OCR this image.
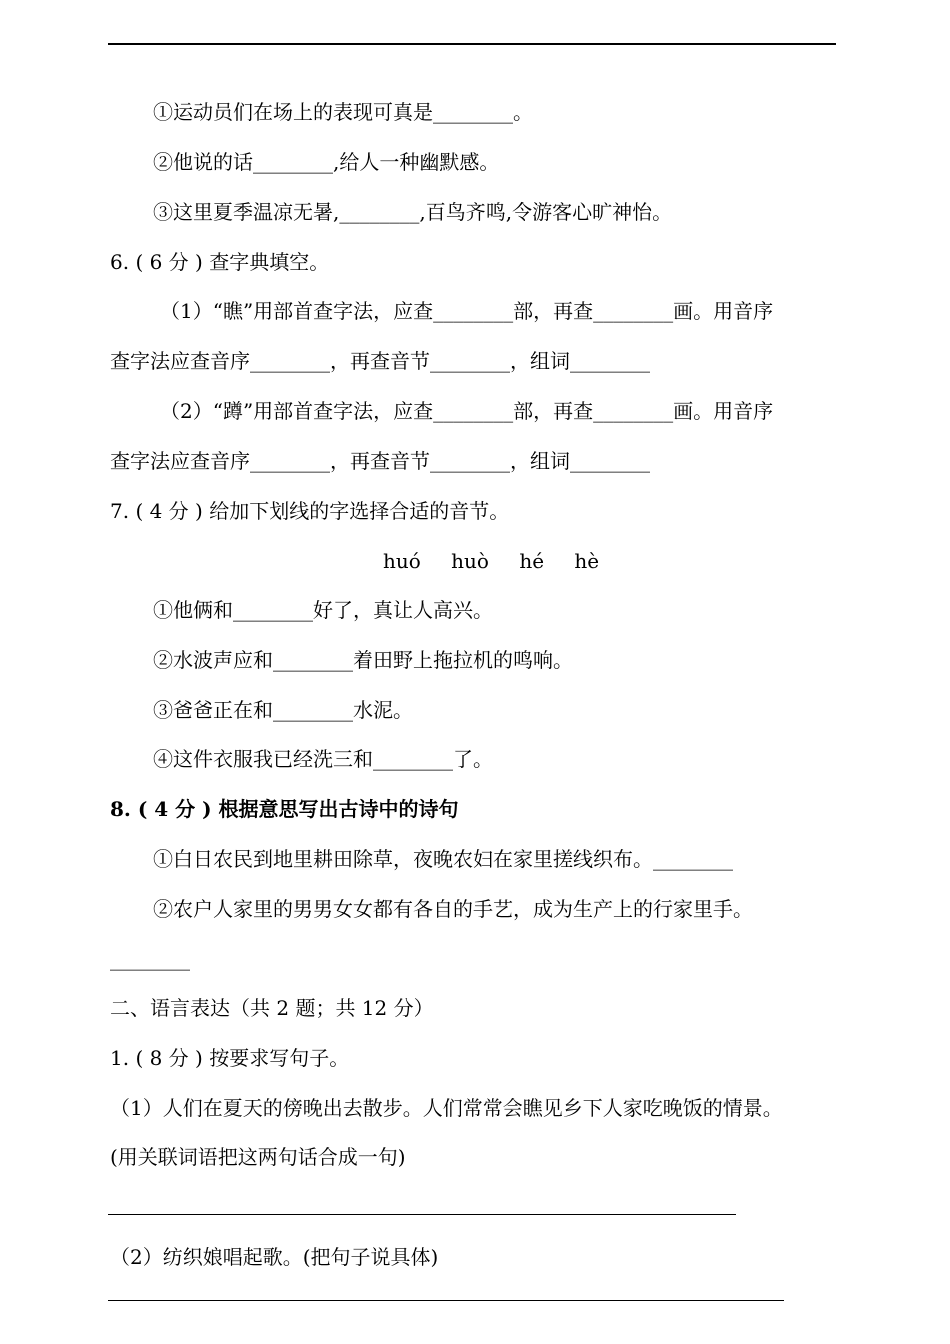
①运动员们在场上的表现可真是________。
②他说的话________,给人一种幽默感。
③这里夏季温凉无暑,________,百鸟齐鸣,令游客心旷神怡。
6. ( 6 分 ) 查字典填空。
（1）“瞧”用部首查字法，应查________部，再查________画。用音序
查字法应查音序________，再查音节________，组词________
（2）“蹲”用部首查字法，应查________部，再查________画。用音序
查字法应查音序________，再查音节________，组词________
7. ( 4 分 ) 给加下划线的字选择合适的音节。
huó huò hé hè
①他俩和________好了，真让人高兴。
②水波声应和________着田野上拖拉机的鸣响。
③爸爸正在和________水泥。
④这件衣服我已经洗三和________了。
8. ( 4 分 ) 根据意思写出古诗中的诗句
①白日农民到地里耕田除草，夜晚农妇在家里搓线织布。________
②农户人家里的男男女女都有各自的手艺，成为生产上的行家里手。
________
二、语言表达（共 2 题；共 12 分）
1. ( 8 分 ) 按要求写句子。
（1）人们在夏天的傍晚出去散步。人们常常会瞧见乡下人家吃晚饭的情景。
(用关联词语把这两句话合成一句)
（2）纺织娘唱起歌。(把句子说具体)
